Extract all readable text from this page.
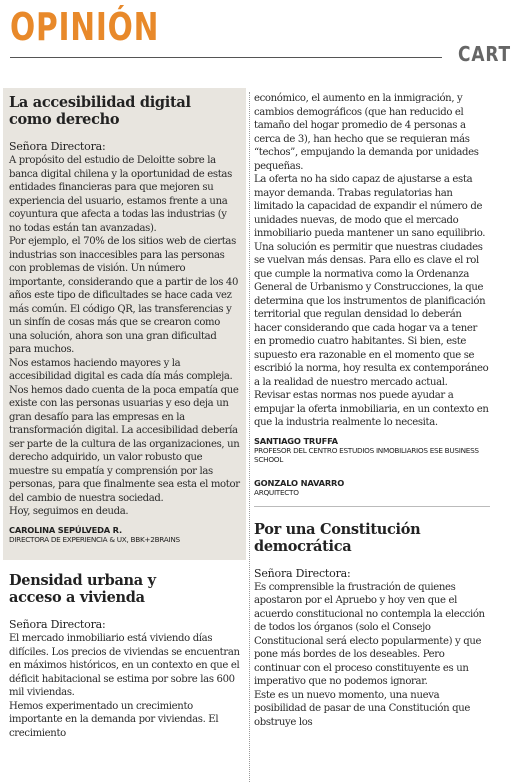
OPINIÓN
CART
La accesibilidad digital
como derecho

Señora Directora:

A propósito del estudio de Deloitte sobre la banca digital chilena y la oportunidad de estas entidades financieras para que mejoren su experiencia del usuario, estamos frente a una coyuntura que afecta a todas las industrias (y no todas están tan avanzadas).

Por ejemplo, el 70% de los sitios web de ciertas industrias son inaccesibles para las personas con problemas de visión. Un número importante, considerando que a partir de los 40 años este tipo de dificultades se hace cada vez más común. El código QR, las transferencias y un sinfín de cosas más que se crearon como una solución, ahora son una gran dificultad para muchos.

Nos estamos haciendo mayores y la accesibilidad digital es cada día más compleja. Nos hemos dado cuenta de la poca empatía que existe con las personas usuarias y eso deja un gran desafío para las empresas en la transformación digital. La accesibilidad debería ser parte de la cultura de las organizaciones, un derecho adquirido, un valor robusto que muestre su empatía y comprensión por las personas, para que finalmente sea esta el motor del cambio de nuestra sociedad.

Hoy, seguimos en deuda.

CAROLINA SEPÚLVEDA R.
DIRECTORA DE EXPERIENCIA & UX, BBK+2BRAINS
Densidad urbana y
acceso a vivienda

Señora Directora:

El mercado inmobiliario está viviendo días difíciles. Los precios de viviendas se encuentran en máximos históricos, en un contexto en que el déficit habitacional se estima por sobre las 600 mil viviendas.

Hemos experimentado un crecimiento importante en la demanda por viviendas. El crecimiento

económico, el aumento en la inmigración, y cambios demográficos (que han reducido el tamaño del hogar promedio de 4 personas a cerca de 3), han hecho que se requieran más “techos”, empujando la demanda por unidades pequeñas.

La oferta no ha sido capaz de ajustarse a esta mayor demanda. Trabas regulatorias han limitado la capacidad de expandir el número de unidades nuevas, de modo que el mercado inmobiliario pueda mantener un sano equilibrio.

Una solución es permitir que nuestras ciudades se vuelvan más densas. Para ello es clave el rol que cumple la normativa como la Ordenanza General de Urbanismo y Construcciones, la que determina que los instrumentos de planificación territorial que regulan densidad lo deberán hacer considerando que cada hogar va a tener en promedio cuatro habitantes. Si bien, este supuesto era razonable en el momento que se escribió la norma, hoy resulta ex contemporáneo a la realidad de nuestro mercado actual.

Revisar estas normas nos puede ayudar a empujar la oferta inmobiliaria, en un contexto en que la industria realmente lo necesita.

SANTIAGO TRUFFA
PROFESOR DEL CENTRO ESTUDIOS INMOBILIARIOS ESE BUSINESS SCHOOL
GONZALO NAVARRO
ARQUITECTO
Por una Constitución democrática

Señora Directora:

Es comprensible la frustración de quienes apostaron por el Apruebo y hoy ven que el acuerdo constitucional no contempla la elección de todos los órganos (solo el Consejo Constitucional será electo popularmente) y que pone más bordes de los deseables. Pero continuar con el proceso constituyente es un imperativo que no podemos ignorar.

Este es un nuevo momento, una nueva posibilidad de pasar de una Constitución que obstruye los
